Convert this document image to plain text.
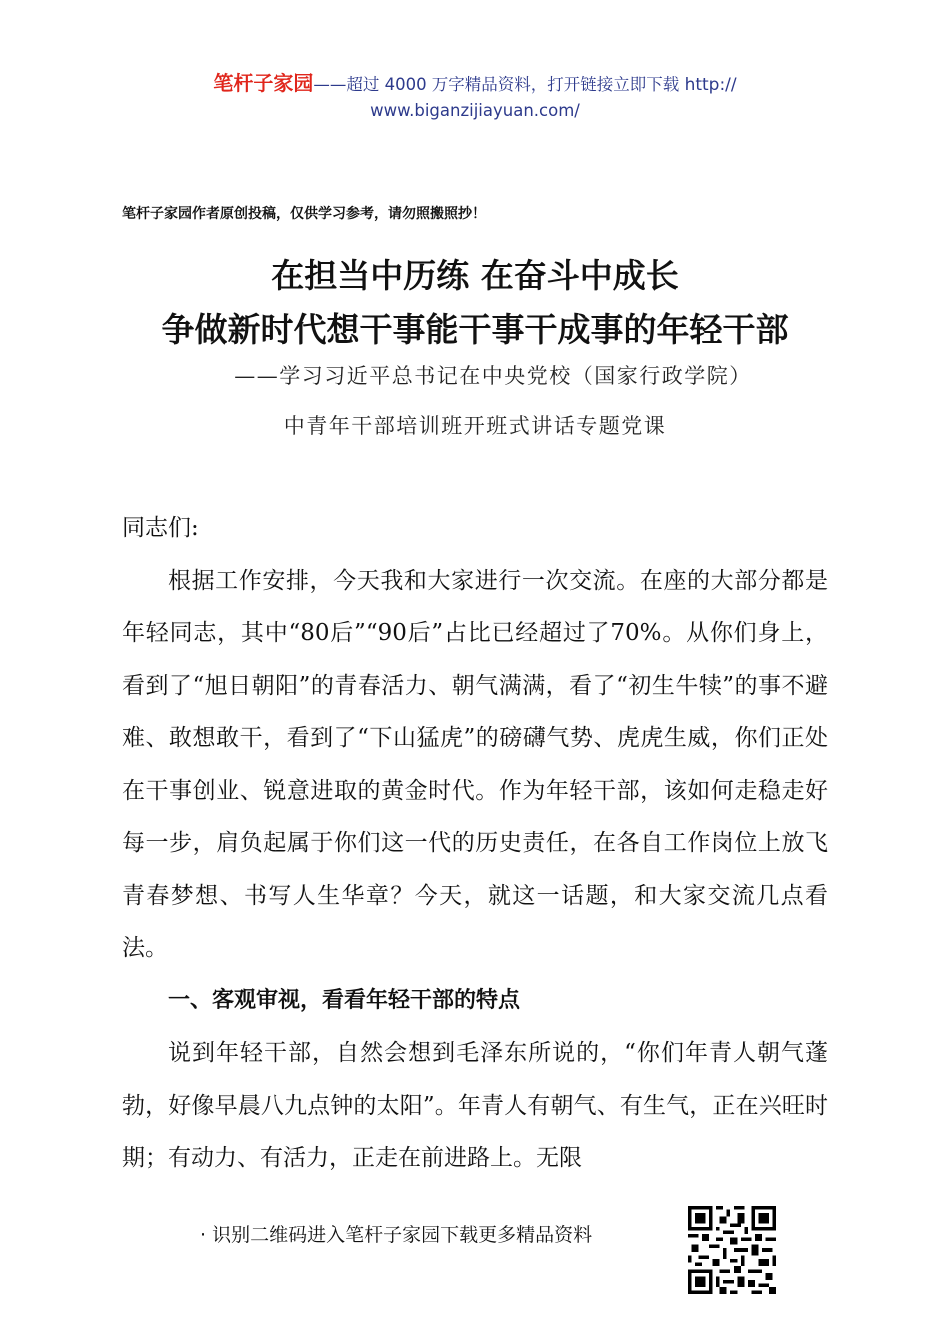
笔杆子家园——超过 4000 万字精品资料，打开链接立即下载 http://
www.biganzijiayuan.com/
笔杆子家园作者原创投稿，仅供学习参考，请勿照搬照抄！
在担当中历练 在奋斗中成长
争做新时代想干事能干事干成事的年轻干部
——学习习近平总书记在中央党校（国家行政学院）
中青年干部培训班开班式讲话专题党课

同志们:

根据工作安排，今天我和大家进行一次交流。在座的大部分都是年轻同志，其中“80后”“90后”占比已经超过了70%。从你们身上，看到了“旭日朝阳”的青春活力、朝气满满，看了“初生牛犊”的事不避难、敢想敢干，看到了“下山猛虎”的磅礴气势、虎虎生威，你们正处在干事创业、锐意进取的黄金时代。作为年轻干部，该如何走稳走好每一步，肩负起属于你们这一代的历史责任，在各自工作岗位上放飞青春梦想、书写人生华章？今天，就这一话题，和大家交流几点看法。

一、客观审视，看看年轻干部的特点

说到年轻干部，自然会想到毛泽东所说的，“你们年青人朝气蓬勃，好像早晨八九点钟的太阳”。年青人有朝气、有生气，正在兴旺时期；有动力、有活力，正走在前进路上。无限

· 识别二维码进入笔杆子家园下载更多精品资料
